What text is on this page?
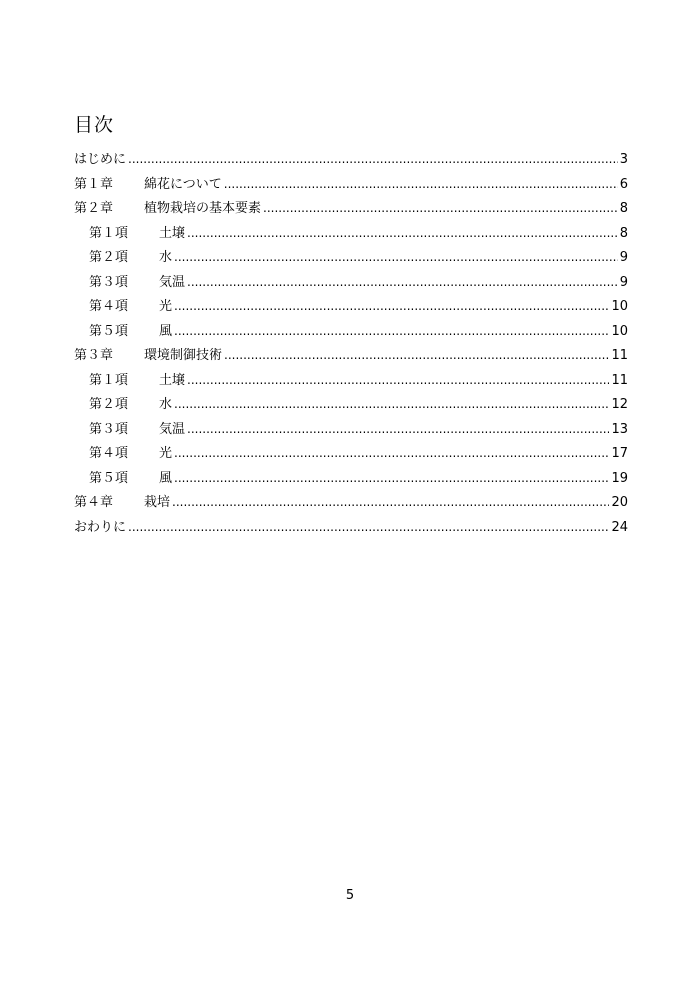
目次
はじめに .....	3
第１章	綿花について .....	6
第２章	植物栽培の基本要素 .....	8
第１項	土壌 .....	8
第２項	水 .....	9
第３項	気温 .....	9
第４項	光 .....	10
第５項	風 .....	10
第３章	環境制御技術 .....	11
第１項	土壌 .....	11
第２項	水 .....	12
第３項	気温 .....	13
第４項	光 .....	17
第５項	風 .....	19
第４章	栽培 .....	20
おわりに .....	24
5
